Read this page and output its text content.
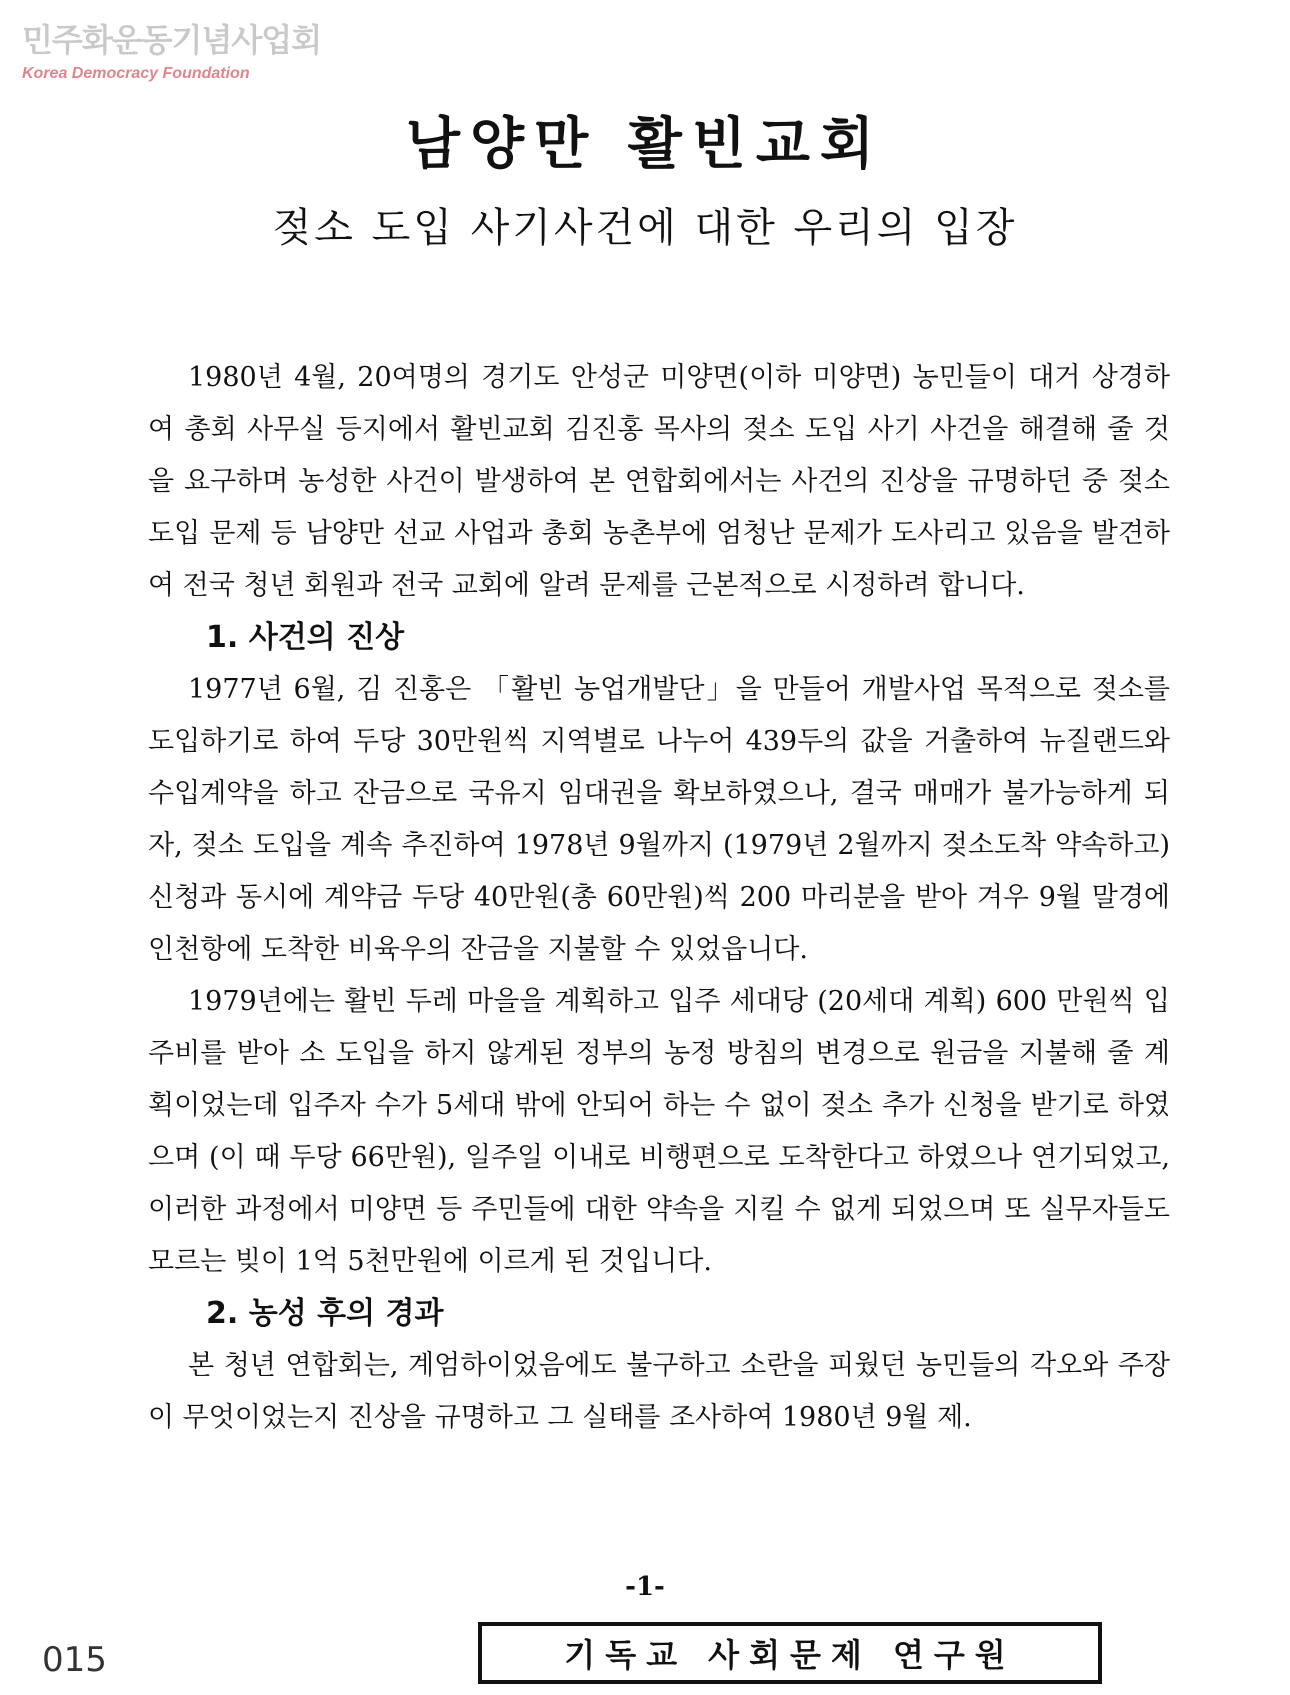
민주화운동기념사업회
Korea Democracy Foundation
남양만 활빈교회
젖소 도입 사기사건에 대한 우리의 입장

1980년 4월, 20여명의 경기도 안성군 미양면(이하 미양면) 농민들이 대거 상경하여 총회 사무실 등지에서 활빈교회 김진홍 목사의 젖소 도입 사기 사건을 해결해 줄 것을 요구하며 농성한 사건이 발생하여 본 연합회에서는 사건의 진상을 규명하던 중 젖소도입 문제 등 남양만 선교 사업과 총회 농촌부에 엄청난 문제가 도사리고 있음을 발견하여 전국 청년 회원과 전국 교회에 알려 문제를 근본적으로 시정하려 합니다.

1. 사건의 진상

1977년 6월, 김 진홍은 「활빈 농업개발단」을 만들어 개발사업 목적으로 젖소를 도입하기로 하여 두당 30만원씩 지역별로 나누어 439두의 값을 거출하여 뉴질랜드와 수입계약을 하고 잔금으로 국유지 임대권을 확보하였으나, 결국 매매가 불가능하게 되자, 젖소 도입을 계속 추진하여 1978년 9월까지 (1979년 2월까지 젖소도착 약속하고) 신청과 동시에 계약금 두당 40만원(총 60만원)씩 200 마리분을 받아 겨우 9월 말경에 인천항에 도착한 비육우의 잔금을 지불할 수 있었읍니다.

1979년에는 활빈 두레 마을을 계획하고 입주 세대당 (20세대 계획) 600 만원씩 입주비를 받아 소 도입을 하지 않게된 정부의 농정 방침의 변경으로 원금을 지불해 줄 계획이었는데 입주자 수가 5세대 밖에 안되어 하는 수 없이 젖소 추가 신청을 받기로 하였으며 (이 때 두당 66만원), 일주일 이내로 비행편으로 도착한다고 하였으나 연기되었고, 이러한 과정에서 미양면 등 주민들에 대한 약속을 지킬 수 없게 되었으며 또 실무자들도 모르는 빚이 1억 5천만원에 이르게 된 것입니다.

2. 농성 후의 경과

본 청년 연합회는, 계엄하이었음에도 불구하고 소란을 피웠던 농민들의 각오와 주장이 무엇이었는지 진상을 규명하고 그 실태를 조사하여 1980년 9월 제.

-1-
기독교 사회문제 연구원
015
